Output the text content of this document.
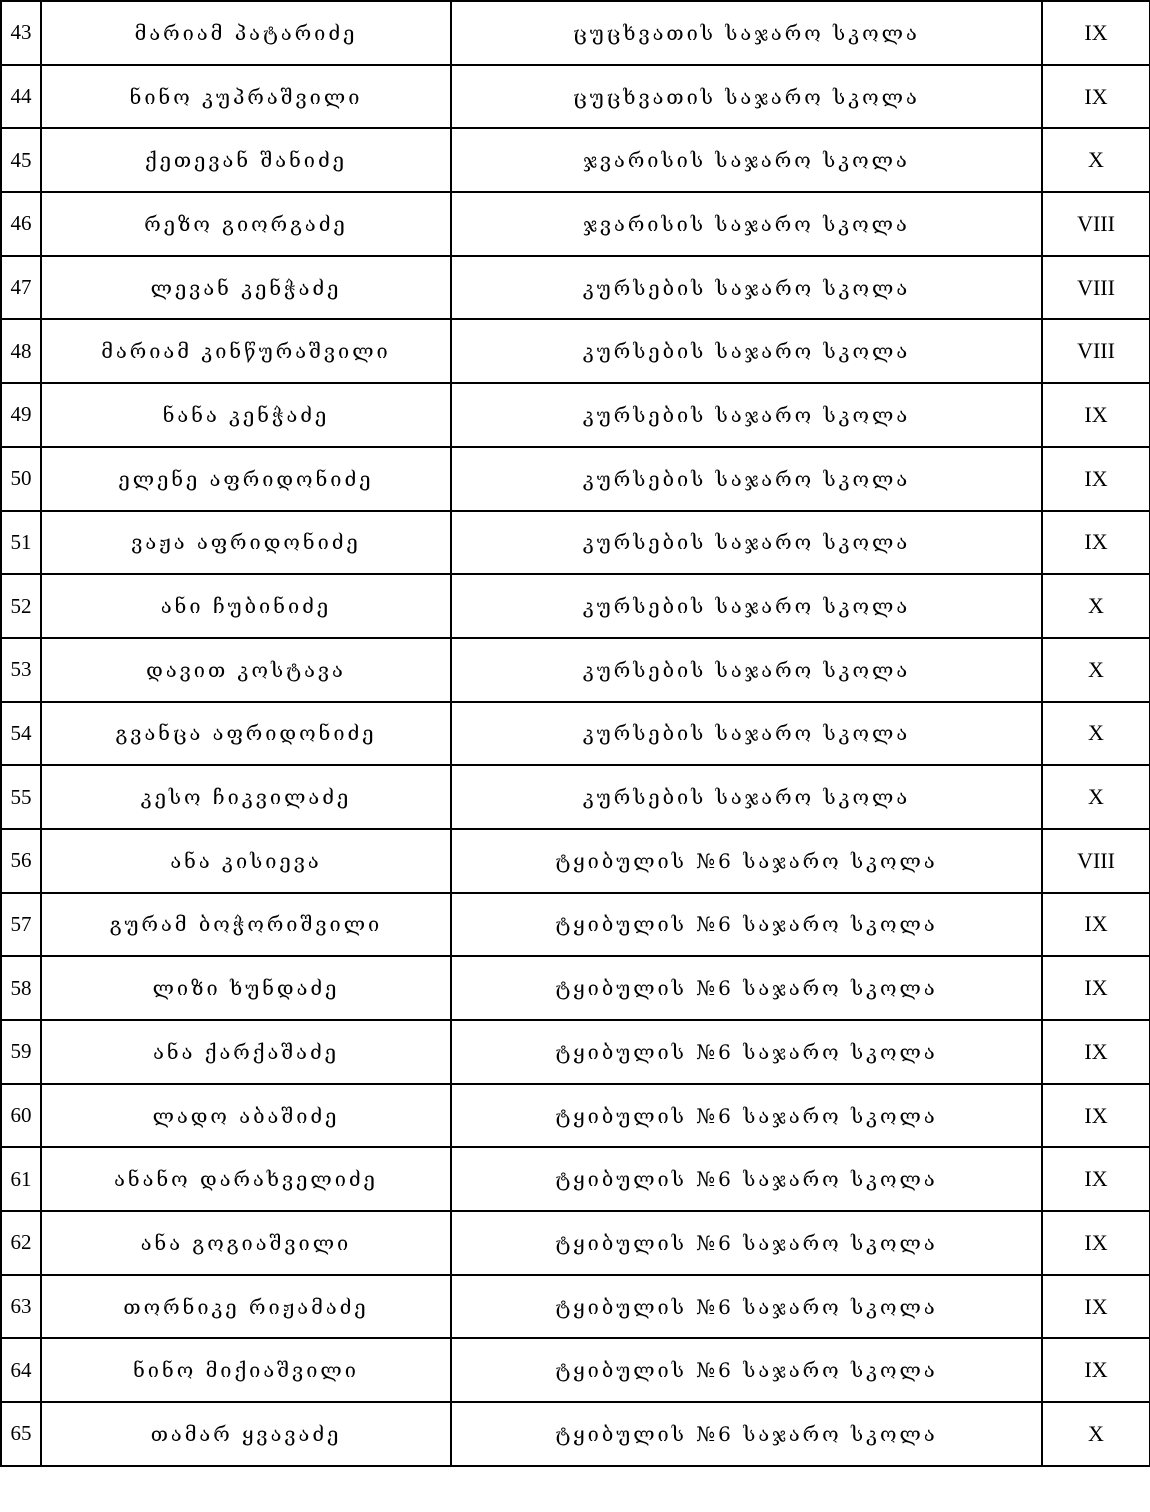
43	მარიამ პატარიძე	ცუცხვათის საჯარო სკოლა	IX
44	ნინო კუპრაშვილი	ცუცხვათის საჯარო სკოლა	IX
45	ქეთევან შანიძე	ჯვარისის საჯარო სკოლა	X
46	რეზო გიორგაძე	ჯვარისის საჯარო სკოლა	VIII
47	ლევან კენჭაძე	კურსების საჯარო სკოლა	VIII
48	მარიამ კინწურაშვილი	კურსების საჯარო სკოლა	VIII
49	ნანა კენჭაძე	კურსების საჯარო სკოლა	IX
50	ელენე აფრიდონიძე	კურსების საჯარო სკოლა	IX
51	ვაჟა აფრიდონიძე	კურსების საჯარო სკოლა	IX
52	ანი ჩუბინიძე	კურსების საჯარო სკოლა	X
53	დავით კოსტავა	კურსების საჯარო სკოლა	X
54	გვანცა აფრიდონიძე	კურსების საჯარო სკოლა	X
55	კესო ჩიკვილაძე	კურსების საჯარო სკოლა	X
56	ანა კისიევა	ტყიბულის №6 საჯარო სკოლა	VIII
57	გურამ ბოჭორიშვილი	ტყიბულის №6 საჯარო სკოლა	IX
58	ლიზი ხუნდაძე	ტყიბულის №6 საჯარო სკოლა	IX
59	ანა ქარქაშაძე	ტყიბულის №6 საჯარო სკოლა	IX
60	ლადო აბაშიძე	ტყიბულის №6 საჯარო სკოლა	IX
61	ანანო დარახველიძე	ტყიბულის №6 საჯარო სკოლა	IX
62	ანა გოგიაშვილი	ტყიბულის №6 საჯარო სკოლა	IX
63	თორნიკე რიჟამაძე	ტყიბულის №6 საჯარო სკოლა	IX
64	ნინო მიქიაშვილი	ტყიბულის №6 საჯარო სკოლა	IX
65	თამარ ყვავაძე	ტყიბულის №6 საჯარო სკოლა	X
